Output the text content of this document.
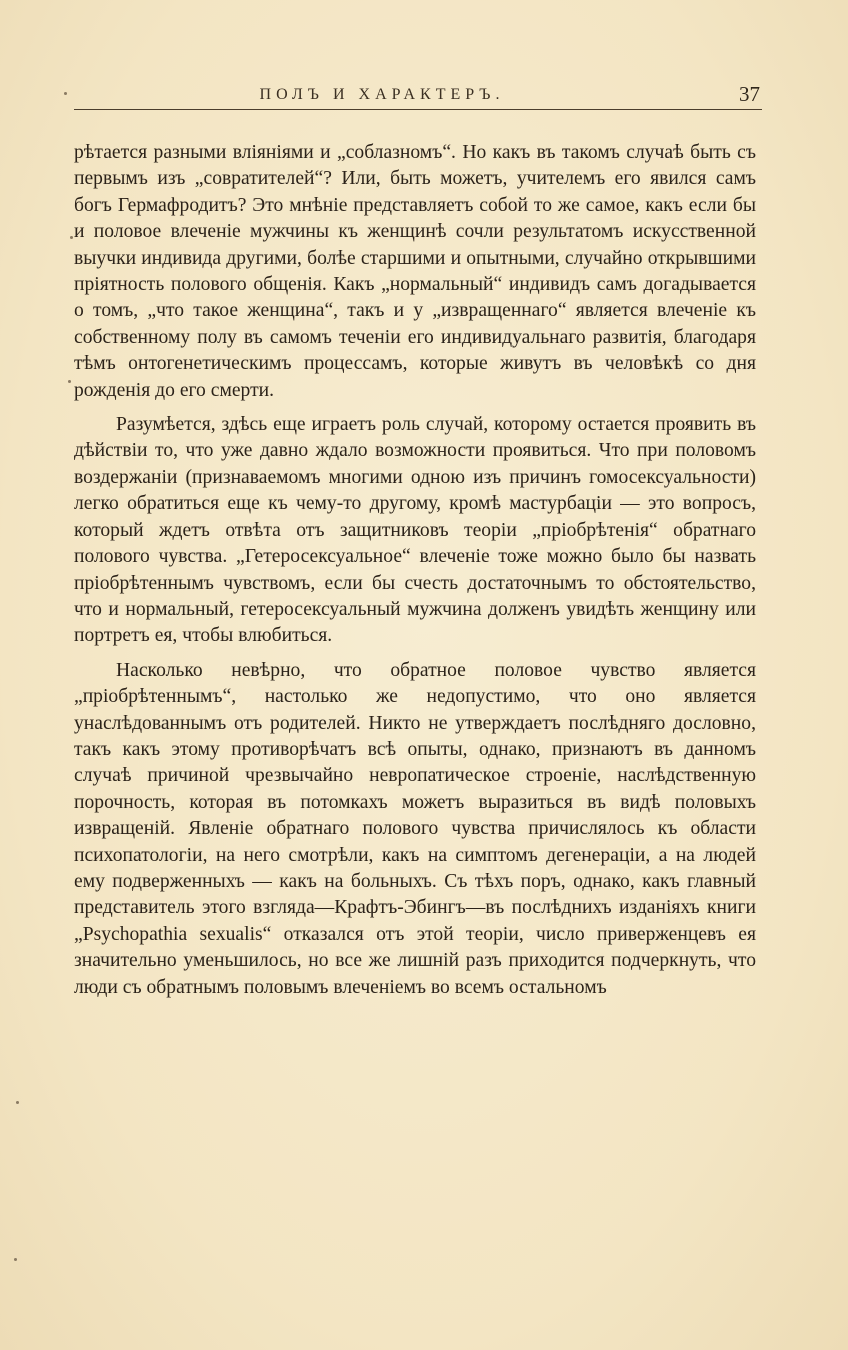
ПОЛЪ И ХАРАКТЕРЪ.	37

рѣтается разными вліяніями и „соблазномъ“. Но какъ въ такомъ случаѣ быть съ первымъ изъ „совратителей“? Или, быть можетъ, учителемъ его явился самъ богъ Гермафродитъ? Это мнѣніе представляетъ собой то же самое, какъ если бы и половое влеченіе мужчины къ женщинѣ сочли результатомъ искусственной выучки индивида другими, болѣе старшими и опытными, случайно открывшими пріятность полового общенія. Какъ „нормальный“ индивидъ самъ догадывается о томъ, „что такое женщина“, такъ и у „извращеннаго“ является влеченіе къ собственному полу въ самомъ теченіи его индивидуальнаго развитія, благодаря тѣмъ онтогенетическимъ процессамъ, которые живутъ въ человѣкѣ со дня рожденія до его смерти.

Разумѣется, здѣсь еще играетъ роль случай, которому остается проявить въ дѣйствіи то, что уже давно ждало возможности проявиться. Что при половомъ воздержаніи (признаваемомъ многими одною изъ причинъ гомосексуальности) легко обратиться еще къ чему-то другому, кромѣ мастурбаціи — это вопросъ, который ждетъ отвѣта отъ защитниковъ теоріи „пріобрѣтенія“ обратнаго полового чувства. „Гетеросексуальное“ влеченіе тоже можно было бы назвать пріобрѣтеннымъ чувствомъ, если бы счесть достаточнымъ то обстоятельство, что и нормальный, гетеросексуальный мужчина долженъ увидѣть женщину или портретъ ея, чтобы влюбиться.

Насколько невѣрно, что обратное половое чувство является „пріобрѣтеннымъ“, настолько же недопустимо, что оно является унаслѣдованнымъ отъ родителей. Никто не утверждаетъ послѣдняго дословно, такъ какъ этому противорѣчатъ всѣ опыты, однако, признаютъ въ данномъ случаѣ причиной чрезвычайно невропатическое строеніе, наслѣдственную порочность, которая въ потомкахъ можетъ выразиться въ видѣ половыхъ извращеній. Явленіе обратнаго полового чувства причислялось къ области психопатологіи, на него смотрѣли, какъ на симптомъ дегенераціи, а на людей ему подверженныхъ — какъ на больныхъ. Съ тѣхъ поръ, однако, какъ главный представитель этого взгляда—Крафтъ-Эбингъ—въ послѣднихъ изданіяхъ книги „Psychopathia sexualis“ отказался отъ этой теоріи, число приверженцевъ ея значительно уменьшилось, но все же лишній разъ приходится подчеркнуть, что люди съ обратнымъ половымъ влеченіемъ во всемъ остальномъ
